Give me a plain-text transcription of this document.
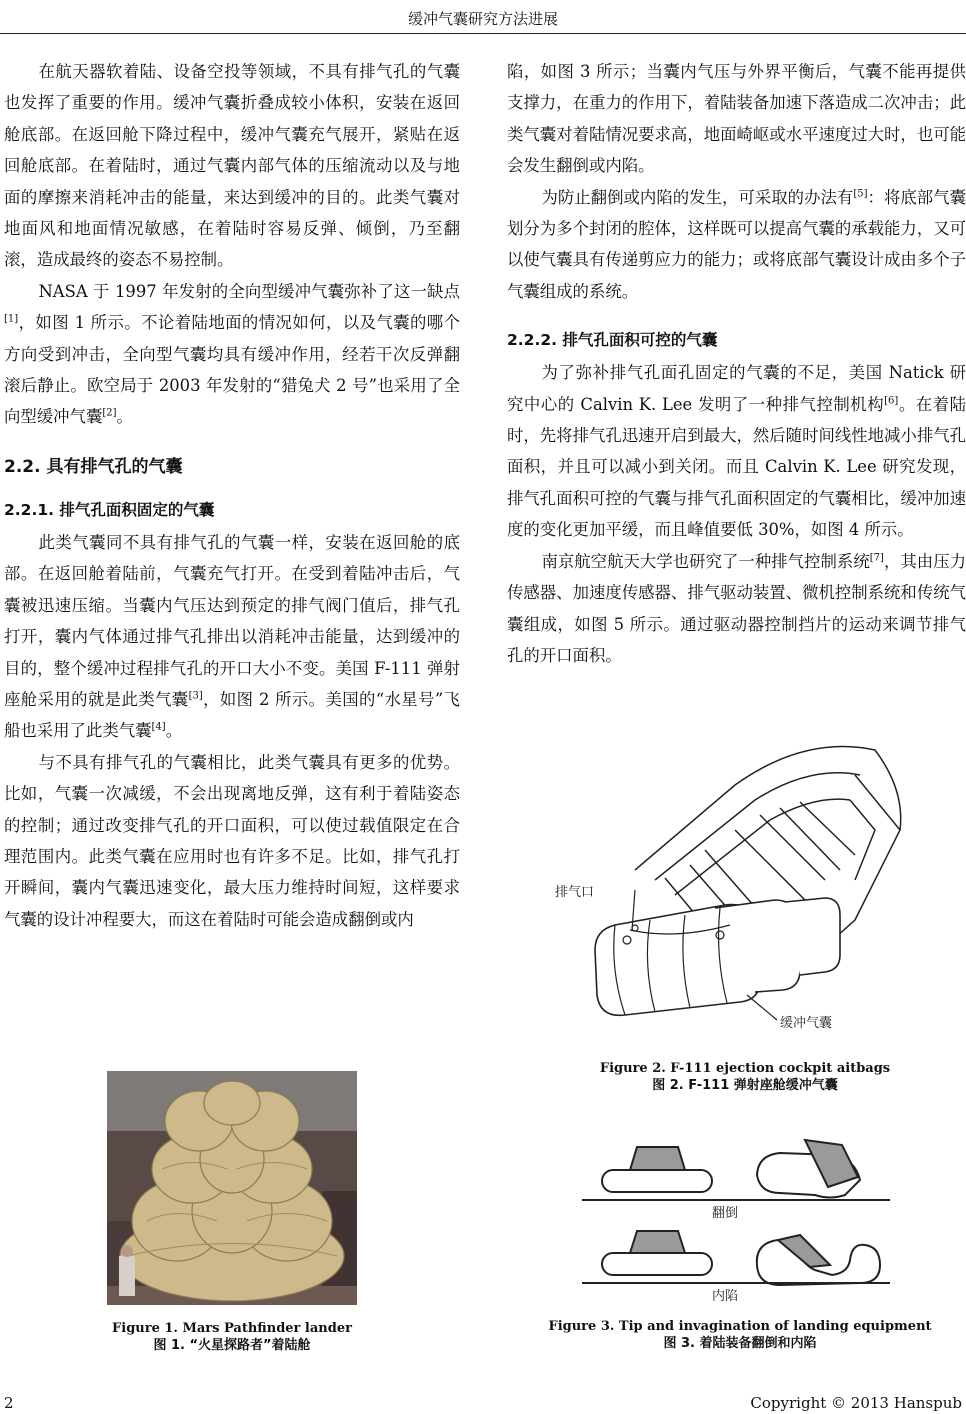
缓冲气囊研究方法进展

在航天器软着陆、设备空投等领域，不具有排气孔的气囊也发挥了重要的作用。缓冲气囊折叠成较小体积，安装在返回舱底部。在返回舱下降过程中，缓冲气囊充气展开，紧贴在返回舱底部。在着陆时，通过气囊内部气体的压缩流动以及与地面的摩擦来消耗冲击的能量，来达到缓冲的目的。此类气囊对地面风和地面情况敏感，在着陆时容易反弹、倾倒，乃至翻滚，造成最终的姿态不易控制。

NASA 于 1997 年发射的全向型缓冲气囊弥补了这一缺点[1]，如图 1 所示。不论着陆地面的情况如何，以及气囊的哪个方向受到冲击，全向型气囊均具有缓冲作用，经若干次反弹翻滚后静止。欧空局于 2003 年发射的“猎兔犬 2 号”也采用了全向型缓冲气囊[2]。

2.2. 具有排气孔的气囊
2.2.1. 排气孔面积固定的气囊

此类气囊同不具有排气孔的气囊一样，安装在返回舱的底部。在返回舱着陆前，气囊充气打开。在受到着陆冲击后，气囊被迅速压缩。当囊内气压达到预定的排气阀门值后，排气孔打开，囊内气体通过排气孔排出以消耗冲击能量，达到缓冲的目的，整个缓冲过程排气孔的开口大小不变。美国 F-111 弹射座舱采用的就是此类气囊[3]，如图 2 所示。美国的“水星号”飞船也采用了此类气囊[4]。

与不具有排气孔的气囊相比，此类气囊具有更多的优势。比如，气囊一次减缓，不会出现离地反弹，这有利于着陆姿态的控制；通过改变排气孔的开口面积，可以使过载值限定在合理范围内。此类气囊在应用时也有许多不足。比如，排气孔打开瞬间，囊内气囊迅速变化，最大压力维持时间短，这样要求气囊的设计冲程要大，而这在着陆时可能会造成翻倒或内

陷，如图 3 所示；当囊内气压与外界平衡后，气囊不能再提供支撑力，在重力的作用下，着陆装备加速下落造成二次冲击；此类气囊对着陆情况要求高，地面崎岖或水平速度过大时，也可能会发生翻倒或内陷。

为防止翻倒或内陷的发生，可采取的办法有[5]：将底部气囊划分为多个封闭的腔体，这样既可以提高气囊的承载能力，又可以使气囊具有传递剪应力的能力；或将底部气囊设计成由多个子气囊组成的系统。

2.2.2. 排气孔面积可控的气囊

为了弥补排气孔面孔固定的气囊的不足，美国 Natick 研究中心的 Calvin K. Lee 发明了一种排气控制机构[6]。在着陆时，先将排气孔迅速开启到最大，然后随时间线性地减小排气孔面积，并且可以减小到关闭。而且 Calvin K. Lee 研究发现，排气孔面积可控的气囊与排气孔面积固定的气囊相比，缓冲加速度的变化更加平缓，而且峰值要低 30%，如图 4 所示。

南京航空航天大学也研究了一种排气控制系统[7]，其由压力传感器、加速度传感器、排气驱动装置、微机控制系统和传统气囊组成，如图 5 所示。通过驱动器控制挡片的运动来调节排气孔的开口面积。

Figure 1. Mars Pathfinder lander
图 1. “火星探路者”着陆舱
排气口
缓冲气囊
Figure 2. F-111 ejection cockpit aitbags
图 2. F-111 弹射座舱缓冲气囊
翻倒
内陷
Figure 3. Tip and invagination of landing equipment
图 3. 着陆装备翻倒和内陷
2	Copyright © 2013 Hanspub
